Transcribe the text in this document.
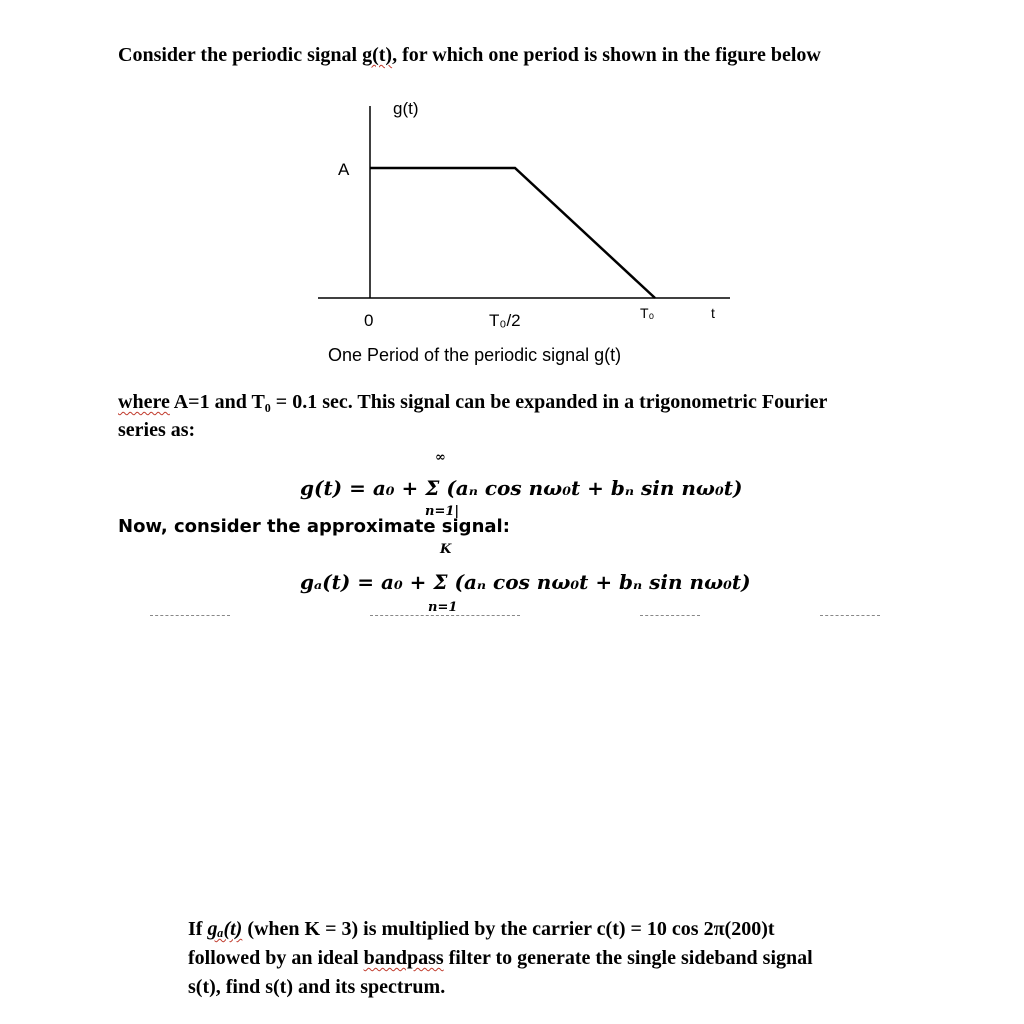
Consider the periodic signal g(t), for which one period is shown in the figure below
g(t)
A
0	T₀/2	T₀	t
One Period of the periodic signal g(t)
where A=1 and T₀ = 0.1 sec. This signal can be expanded in a trigonometric Fourier
series as:
∞
g(t) = a₀ + Σ (aₙ cos nω₀t + bₙ sin nω₀t)
n=1|
Now, consider the approximate signal:
K
gₐ(t) = a₀ + Σ (aₙ cos nω₀t + bₙ sin nω₀t)
n=1
If gₐ(t) (when K = 3) is multiplied by the carrier c(t) = 10 cos 2π(200)t
followed by an ideal bandpass filter to generate the single sideband signal
s(t), find s(t) and its spectrum.
